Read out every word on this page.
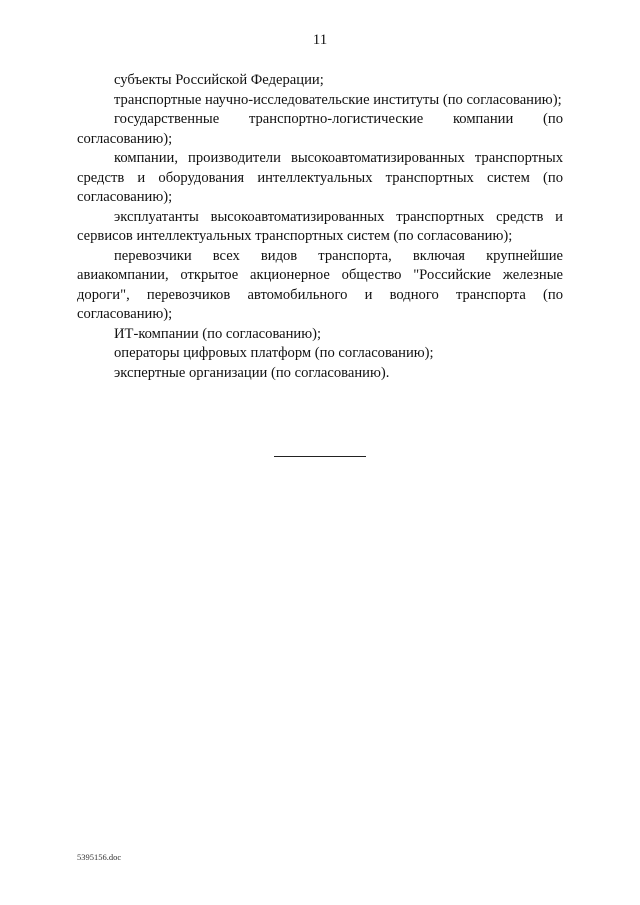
11

субъекты Российской Федерации;

транспортные научно-исследовательские институты (по согласованию);

государственные транспортно-логистические компании (по согласованию);

компании, производители высокоавтоматизированных транспортных средств и оборудования интеллектуальных транспортных систем (по согласованию);

эксплуатанты высокоавтоматизированных транспортных средств и сервисов интеллектуальных транспортных систем (по согласованию);

перевозчики всех видов транспорта, включая крупнейшие авиакомпании, открытое акционерное общество "Российские железные дороги", перевозчиков автомобильного и водного транспорта (по согласованию);

ИТ-компании (по согласованию);

операторы цифровых платформ (по согласованию);

экспертные организации (по согласованию).

5395156.doc
